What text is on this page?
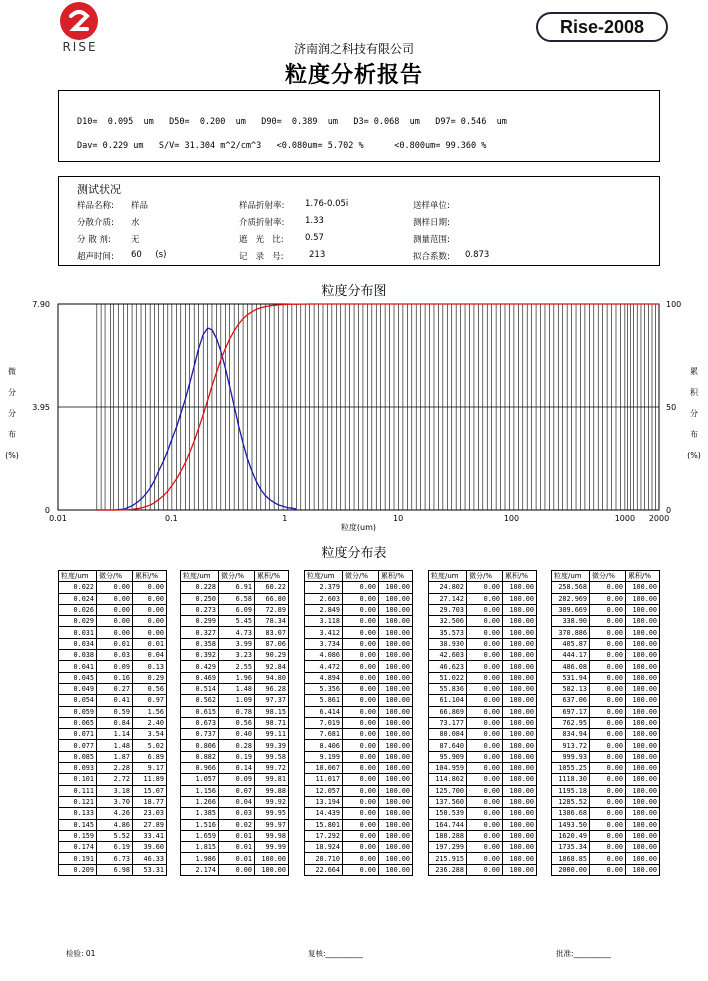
RISE
Rise-2008
济南润之科技有限公司
粒度分析报告
D10=  0.095  um   D50=  0.200  um   D90=  0.389  um   D3= 0.068  um   D97= 0.546  um
Dav= 0.229 um   S/V= 31.304 m^2/cm^3   <0.080um= 5.702 %      <0.800um= 99.360 %
测试状况
样品名称: 样品
分散介质: 水
分 散 剂: 无
超声时间: 60     (s)
样品折射率: 1.76-0.05i
介质折射率: 1.33
遮   光   比:	0.57
记   录   号:	213
送样单位:
测样日期:
测量范围:
拟合系数: 0.873
粒度分布图
0.01	0.1	1	10	100	1000 2000
0
3.95
7.90
0
50
100
粒度(um)
微
分
分
布
(%)
累
积
分
布
(%)
粒度分布表
粒度/um	微分/%	累积/%
0.022	0.00	0.00
0.024	0.00	0.00
0.026	0.00	0.00
0.029	0.00	0.00
0.031	0.00	0.00
0.034	0.01	0.01
0.038	0.03	0.04
0.041	0.09	0.13
0.045	0.16	0.29
0.049	0.27	0.56
0.054	0.41	0.97
0.059	0.59	1.56
0.065	0.84	2.40
0.071	1.14	3.54
0.077	1.48	5.02
0.085	1.87	6.89
0.093	2.28	9.17
0.101	2.72	11.89
0.111	3.18	15.07
0.121	3.70	18.77
0.133	4.26	23.03
0.145	4.86	27.89
0.159	5.52	33.41
0.174	6.19	39.60
0.191	6.73	46.33
0.209	6.98	53.31
粒度/um	微分/%	累积/%
0.228	6.91	60.22
0.250	6.58	66.80
0.273	6.09	72.89
0.299	5.45	78.34
0.327	4.73	83.07
0.358	3.99	87.06
0.392	3.23	90.29
0.429	2.55	92.84
0.469	1.96	94.80
0.514	1.48	96.28
0.562	1.09	97.37
0.615	0.78	98.15
0.673	0.56	98.71
0.737	0.40	99.11
0.806	0.28	99.39
0.882	0.19	99.58
0.966	0.14	99.72
1.057	0.09	99.81
1.156	0.07	99.88
1.266	0.04	99.92
1.385	0.03	99.95
1.516	0.02	99.97
1.659	0.01	99.98
1.815	0.01	99.99
1.986	0.01	100.00
2.174	0.00	100.00
粒度/um	微分/%	累积/%
2.379	0.00	100.00
2.603	0.00	100.00
2.849	0.00	100.00
3.118	0.00	100.00
3.412	0.00	100.00
3.734	0.00	100.00
4.086	0.00	100.00
4.472	0.00	100.00
4.894	0.00	100.00
5.356	0.00	100.00
5.861	0.00	100.00
6.414	0.00	100.00
7.019	0.00	100.00
7.681	0.00	100.00
8.406	0.00	100.00
9.199	0.00	100.00
10.067	0.00	100.00
11.017	0.00	100.00
12.057	0.00	100.00
13.194	0.00	100.00
14.439	0.00	100.00
15.801	0.00	100.00
17.292	0.00	100.00
18.924	0.00	100.00
20.710	0.00	100.00
22.664	0.00	100.00
粒度/um	微分/%	累积/%
24.802	0.00	100.00
27.142	0.00	100.00
29.703	0.00	100.00
32.506	0.00	100.00
35.573	0.00	100.00
38.930	0.00	100.00
42.603	0.00	100.00
46.623	0.00	100.00
51.022	0.00	100.00
55.836	0.00	100.00
61.104	0.00	100.00
66.869	0.00	100.00
73.177	0.00	100.00
80.084	0.00	100.00
87.640	0.00	100.00
95.909	0.00	100.00
104.959	0.00	100.00
114.862	0.00	100.00
125.700	0.00	100.00
137.560	0.00	100.00
150.539	0.00	100.00
164.744	0.00	100.00
180.288	0.00	100.00
197.299	0.00	100.00
215.915	0.00	100.00
236.288	0.00	100.00
粒度/um	微分/%	累积/%
258.568	0.00	100.00
282.969	0.00	100.00
309.669	0.00	100.00
338.90	0.00	100.00
370.886	0.00	100.00
405.87	0.00	100.00
444.17	0.00	100.00
486.08	0.00	100.00
531.94	0.00	100.00
582.13	0.00	100.00
637.06	0.00	100.00
697.17	0.00	100.00
762.95	0.00	100.00
834.94	0.00	100.00
913.72	0.00	100.00
999.93	0.00	100.00
1055.25	0.00	100.00
1118.30	0.00	100.00
1195.18	0.00	100.00
1285.52	0.00	100.00
1386.68	0.00	100.00
1493.50	0.00	100.00
1620.49	0.00	100.00
1735.34	0.00	100.00
1868.85	0.00	100.00
2000.00	0.00	100.00
检验: 01	复核:__________	批准:__________
